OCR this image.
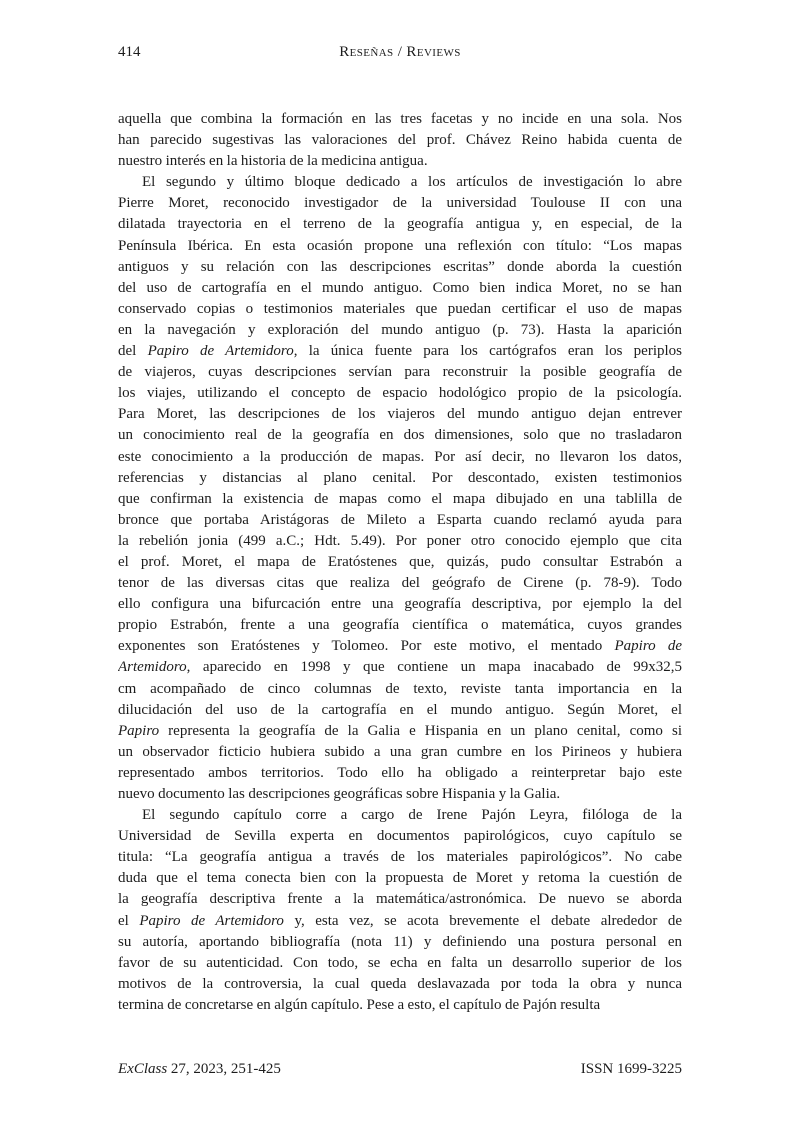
414	Reseñas / Reviews
aquella que combina la formación en las tres facetas y no incide en una sola. Nos
han parecido sugestivas las valoraciones del prof. Chávez Reino habida cuenta de
nuestro interés en la historia de la medicina antigua.
El segundo y último bloque dedicado a los artículos de investigación lo abre
Pierre Moret, reconocido investigador de la universidad Toulouse II con una
dilatada trayectoria en el terreno de la geografía antigua y, en especial, de la
Península Ibérica. En esta ocasión propone una reflexión con título: “Los mapas
antiguos y su relación con las descripciones escritas” donde aborda la cuestión
del uso de cartografía en el mundo antiguo. Como bien indica Moret, no se han
conservado copias o testimonios materiales que puedan certificar el uso de mapas
en la navegación y exploración del mundo antiguo (p. 73). Hasta la aparición
del Papiro de Artemidoro, la única fuente para los cartógrafos eran los periplos
de viajeros, cuyas descripciones servían para reconstruir la posible geografía de
los viajes, utilizando el concepto de espacio hodológico propio de la psicología.
Para Moret, las descripciones de los viajeros del mundo antiguo dejan entrever
un conocimiento real de la geografía en dos dimensiones, solo que no trasladaron
este conocimiento a la producción de mapas. Por así decir, no llevaron los datos,
referencias y distancias al plano cenital. Por descontado, existen testimonios
que confirman la existencia de mapas como el mapa dibujado en una tablilla de
bronce que portaba Aristágoras de Mileto a Esparta cuando reclamó ayuda para
la rebelión jonia (499 a.C.; Hdt. 5.49). Por poner otro conocido ejemplo que cita
el prof. Moret, el mapa de Eratóstenes que, quizás, pudo consultar Estrabón a
tenor de las diversas citas que realiza del geógrafo de Cirene (p. 78-9). Todo
ello configura una bifurcación entre una geografía descriptiva, por ejemplo la del
propio Estrabón, frente a una geografía científica o matemática, cuyos grandes
exponentes son Eratóstenes y Tolomeo. Por este motivo, el mentado Papiro de
Artemidoro, aparecido en 1998 y que contiene un mapa inacabado de 99x32,5
cm acompañado de cinco columnas de texto, reviste tanta importancia en la
dilucidación del uso de la cartografía en el mundo antiguo. Según Moret, el
Papiro representa la geografía de la Galia e Hispania en un plano cenital, como si
un observador ficticio hubiera subido a una gran cumbre en los Pirineos y hubiera
representado ambos territorios. Todo ello ha obligado a reinterpretar bajo este
nuevo documento las descripciones geográficas sobre Hispania y la Galia.
El segundo capítulo corre a cargo de Irene Pajón Leyra, filóloga de la
Universidad de Sevilla experta en documentos papirológicos, cuyo capítulo se
titula: “La geografía antigua a través de los materiales papirológicos”. No cabe
duda que el tema conecta bien con la propuesta de Moret y retoma la cuestión de
la geografía descriptiva frente a la matemática/astronómica. De nuevo se aborda
el Papiro de Artemidoro y, esta vez, se acota brevemente el debate alrededor de
su autoría, aportando bibliografía (nota 11) y definiendo una postura personal en
favor de su autenticidad. Con todo, se echa en falta un desarrollo superior de los
motivos de la controversia, la cual queda deslavazada por toda la obra y nunca
termina de concretarse en algún capítulo. Pese a esto, el capítulo de Pajón resulta
ExClass 27, 2023, 251-425	ISSN 1699-3225
